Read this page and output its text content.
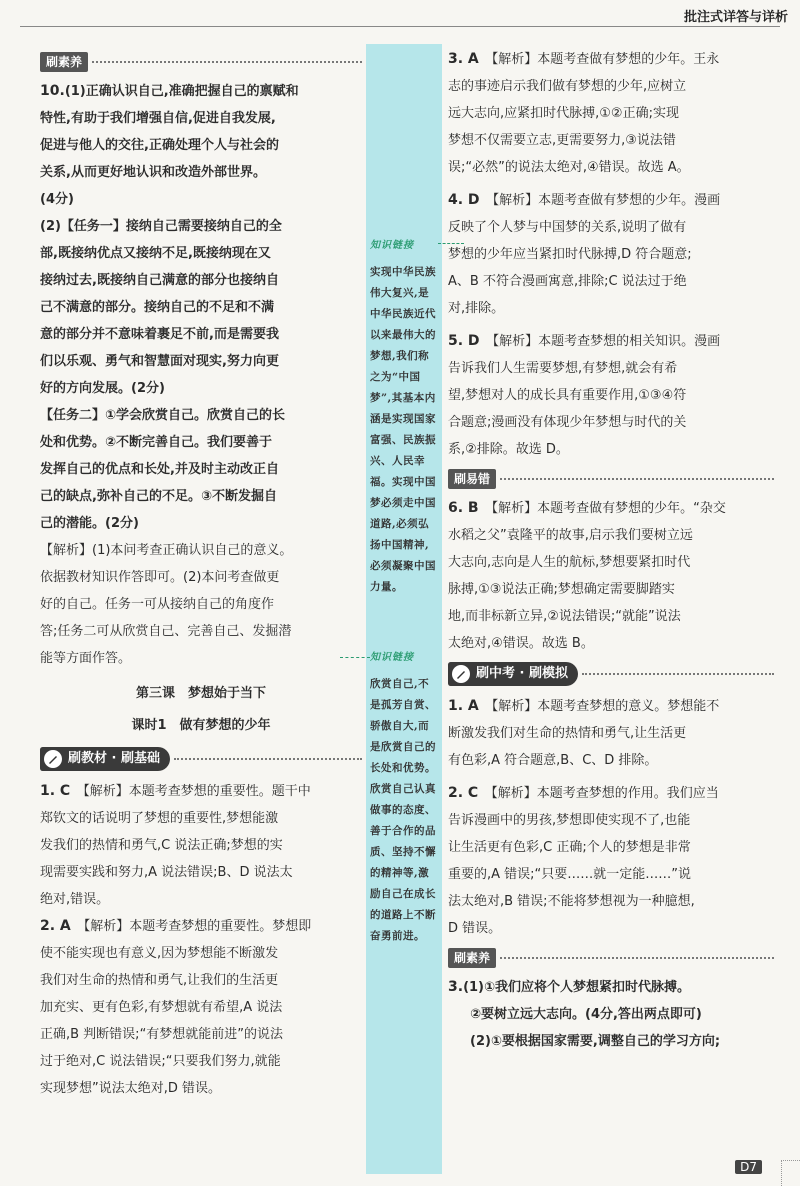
批注式详答与详析
刷素养

10.(1)正确认识自己,准确把握自己的禀赋和

特性,有助于我们增强自信,促进自我发展,

促进与他人的交往,正确处理个人与社会的

关系,从而更好地认识和改造外部世界。

(4分)

(2)【任务一】接纳自己需要接纳自己的全

部,既接纳优点又接纳不足,既接纳现在又

接纳过去,既接纳自己满意的部分也接纳自

己不满意的部分。接纳自己的不足和不满

意的部分并不意味着裹足不前,而是需要我

们以乐观、勇气和智慧面对现实,努力向更

好的方向发展。(2分)

【任务二】①学会欣赏自己。欣赏自己的长

处和优势。②不断完善自己。我们要善于

发挥自己的优点和长处,并及时主动改正自

己的缺点,弥补自己的不足。③不断发掘自

己的潜能。(2分)

【解析】(1)本问考查正确认识自己的意义。

依据教材知识作答即可。(2)本问考查做更

好的自己。任务一可从接纳自己的角度作

答;任务二可从欣赏自己、完善自己、发掘潜

能等方面作答。

第三课　梦想始于当下

课时1　做有梦想的少年

刷教材 · 刷基础

1. C　 【解析】本题考查梦想的重要性。题干中

郑钦文的话说明了梦想的重要性,梦想能激

发我们的热情和勇气,C 说法正确;梦想的实

现需要实践和努力,A 说法错误;B、D 说法太

绝对,错误。

2. A　 【解析】本题考查梦想的重要性。梦想即

使不能实现也有意义,因为梦想能不断激发

我们对生命的热情和勇气,让我们的生活更

加充实、更有色彩,有梦想就有希望,A 说法

正确,B 判断错误;“有梦想就能前进”的说法

过于绝对,C 说法错误;“只要我们努力,就能

实现梦想”说法太绝对,D 错误。

知识链接
实现中华民族伟大复兴,是中华民族近代以来最伟大的梦想,我们称之为“中国梦”,其基本内涵是实现国家富强、民族振兴、人民幸福。实现中国梦必须走中国道路,必须弘扬中国精神,必须凝聚中国力量。
知识链接
欣赏自己,不是孤芳自赏、骄傲自大,而是欣赏自己的长处和优势。欣赏自己认真做事的态度、善于合作的品质、坚持不懈的精神等,激励自己在成长的道路上不断奋勇前进。

3. A　 【解析】本题考查做有梦想的少年。王永

志的事迹启示我们做有梦想的少年,应树立

远大志向,应紧扣时代脉搏,①②正确;实现

梦想不仅需要立志,更需要努力,③说法错

误;“必然”的说法太绝对,④错误。故选 A。

4. D　 【解析】本题考查做有梦想的少年。漫画

反映了个人梦与中国梦的关系,说明了做有

梦想的少年应当紧扣时代脉搏,D 符合题意;

A、B 不符合漫画寓意,排除;C 说法过于绝

对,排除。

5. D　 【解析】本题考查梦想的相关知识。漫画

告诉我们人生需要梦想,有梦想,就会有希

望,梦想对人的成长具有重要作用,①③④符

合题意;漫画没有体现少年梦想与时代的关

系,②排除。故选 D。

刷易错

6. B　 【解析】本题考查做有梦想的少年。“杂交

水稻之父”袁隆平的故事,启示我们要树立远

大志向,志向是人生的航标,梦想要紧扣时代

脉搏,①③说法正确;梦想确定需要脚踏实

地,而非标新立异,②说法错误;“就能”说法

太绝对,④错误。故选 B。

刷中考 · 刷模拟

1. A　 【解析】本题考查梦想的意义。梦想能不

断激发我们对生命的热情和勇气,让生活更

有色彩,A 符合题意,B、C、D 排除。

2. C　 【解析】本题考查梦想的作用。我们应当

告诉漫画中的男孩,梦想即使实现不了,也能

让生活更有色彩,C 正确;个人的梦想是非常

重要的,A 错误;“只要……就一定能……”说

法太绝对,B 错误;不能将梦想视为一种臆想,

D 错误。

刷素养

3.(1)①我们应将个人梦想紧扣时代脉搏。

②要树立远大志向。(4分,答出两点即可)

(2)①要根据国家需要,调整自己的学习方向;

D7
